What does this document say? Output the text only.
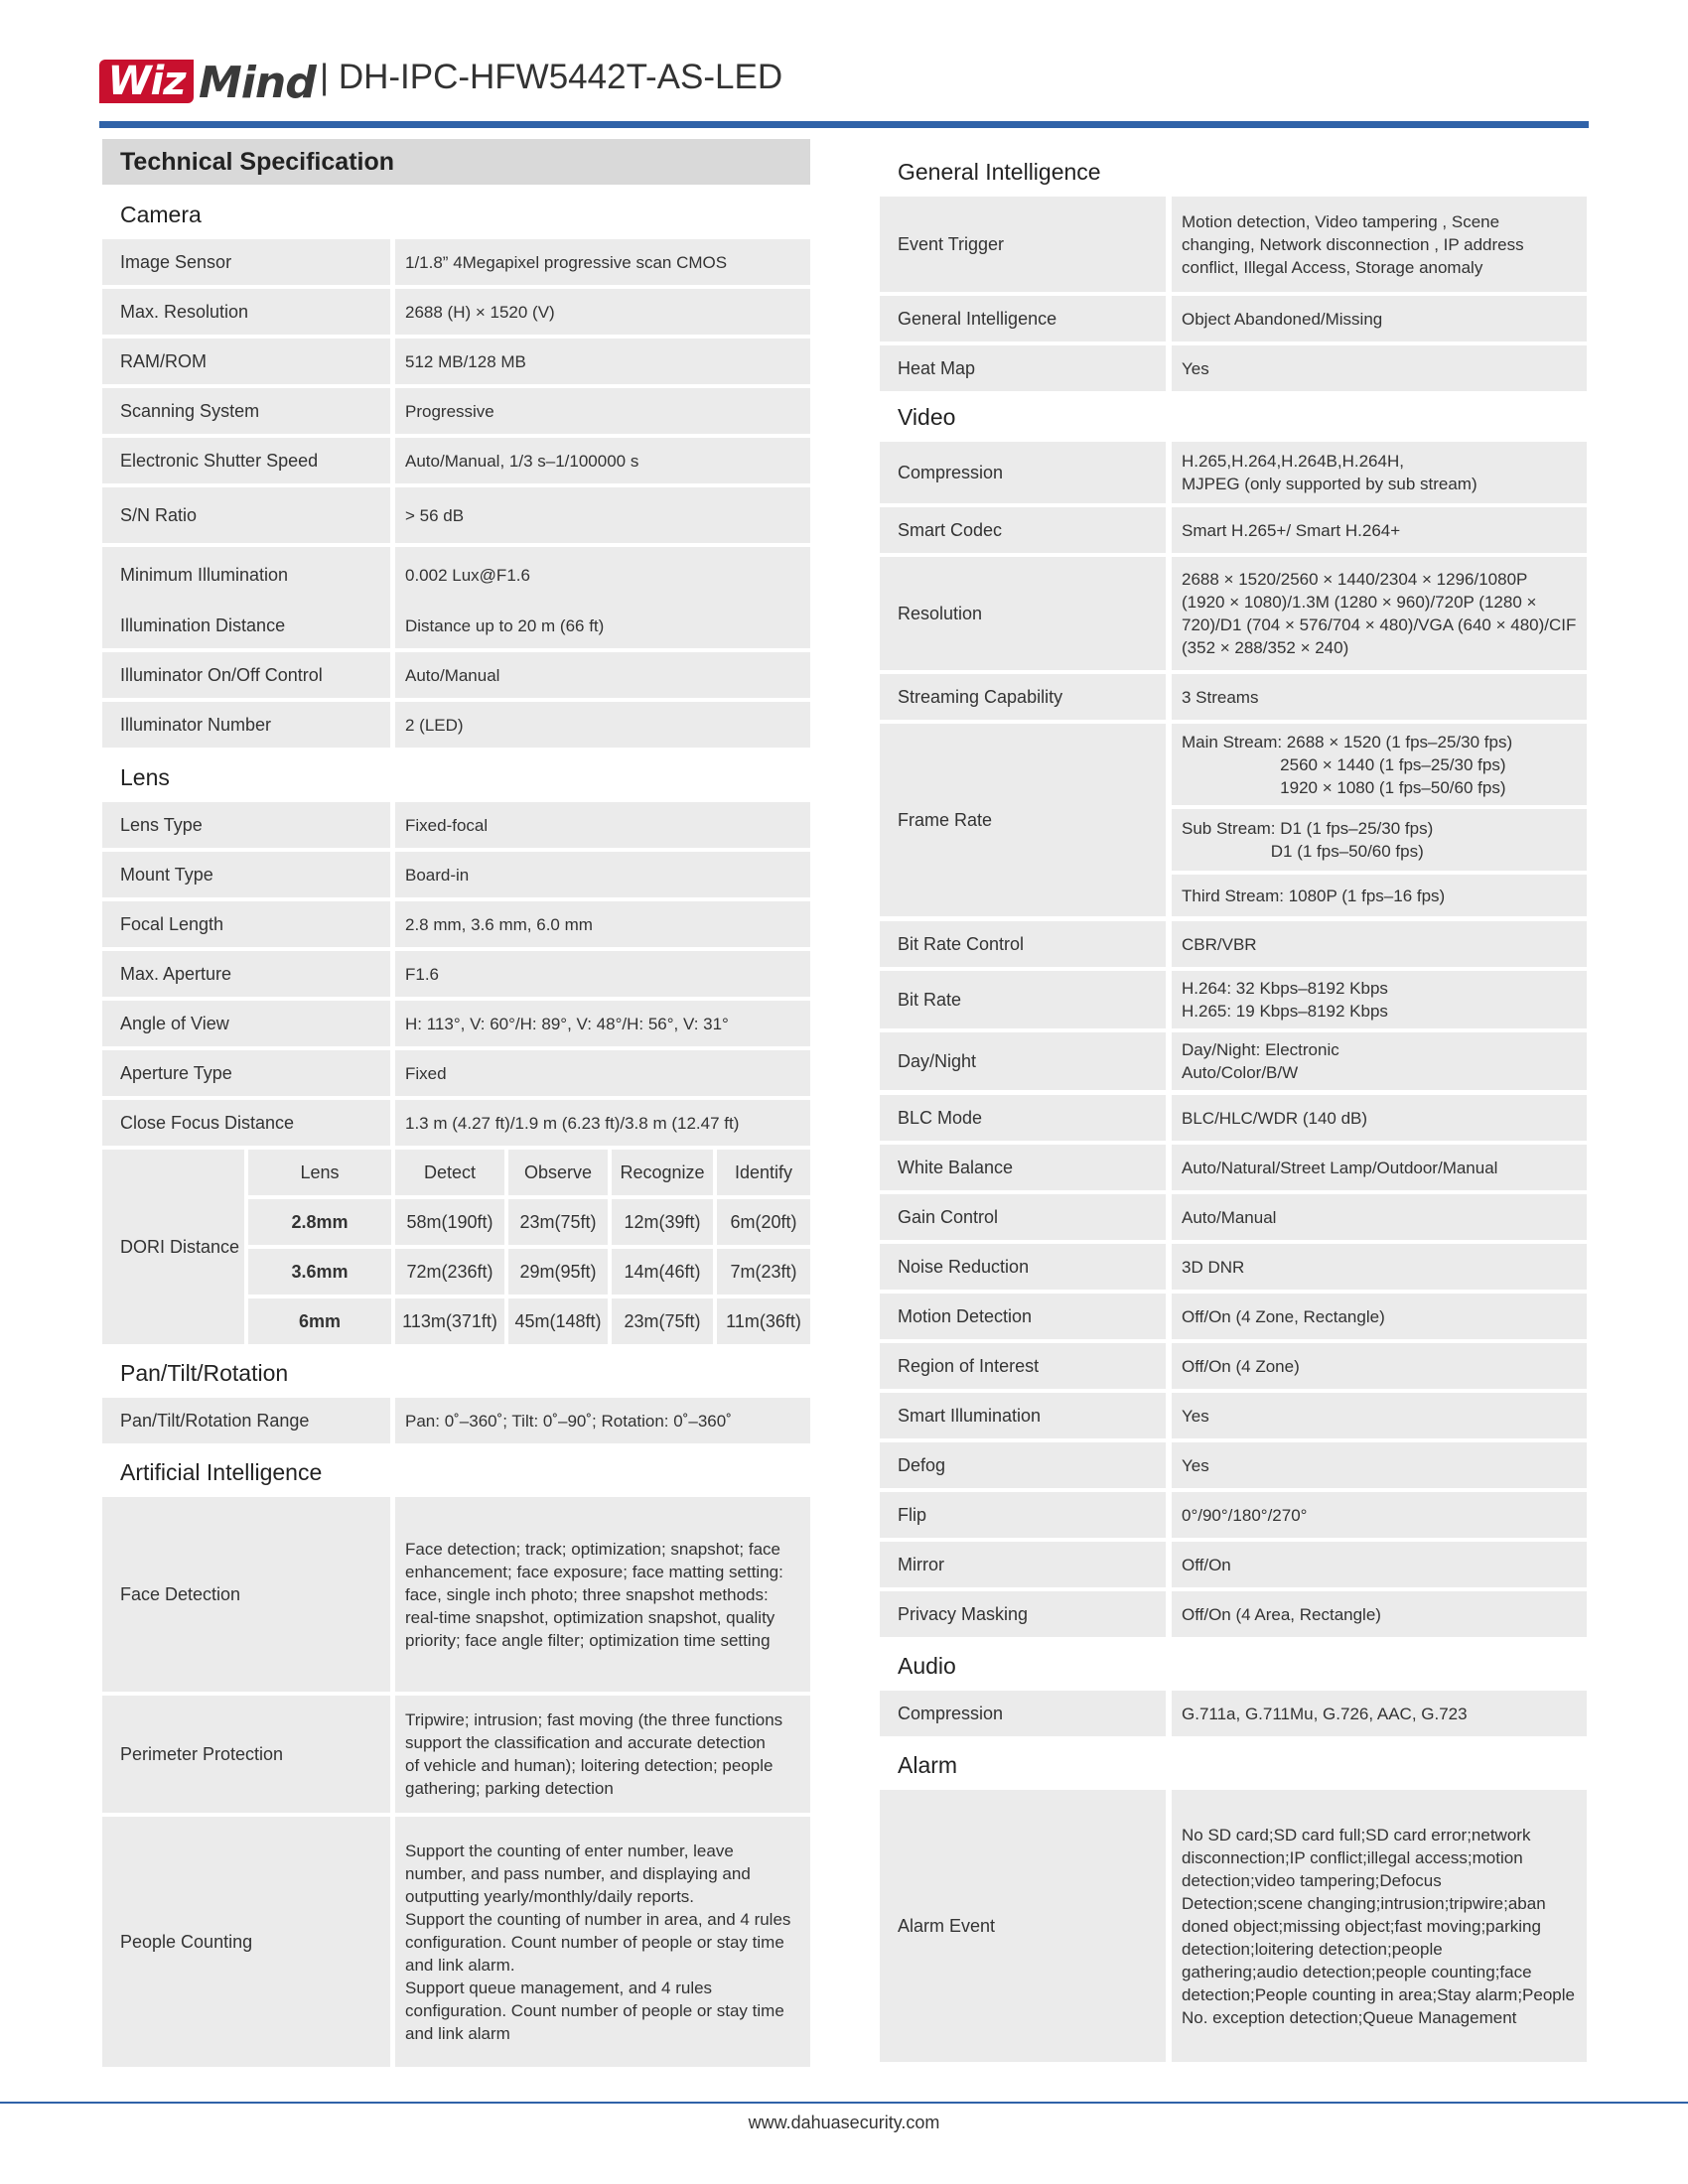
Wiz Mind | DH-IPC-HFW5442T-AS-LED
Technical Specification
Camera
Image Sensor	1/1.8” 4Megapixel progressive scan CMOS
Max. Resolution	2688 (H) × 1520 (V)
RAM/ROM	512 MB/128 MB
Scanning System	Progressive
Electronic Shutter Speed	Auto/Manual, 1/3 s–1/100000 s
S/N Ratio	> 56 dB
Minimum Illumination	0.002 Lux@F1.6
Illumination Distance	Distance up to 20 m (66 ft)
Illuminator On/Off Control	Auto/Manual
Illuminator Number	2 (LED)
Lens
Lens Type	Fixed-focal
Mount Type	Board-in
Focal Length	2.8 mm, 3.6 mm, 6.0 mm
Max. Aperture	F1.6
Angle of View	H: 113°, V: 60°/H: 89°, V: 48°/H: 56°, V: 31°
Aperture Type	Fixed
Close Focus Distance	1.3 m (4.27 ft)/1.9 m (6.23 ft)/3.8 m (12.47 ft)
DORI Distance
Lens	Detect	Observe	Recognize	Identify
2.8mm	58m(190ft)	23m(75ft)	12m(39ft)	6m(20ft)
3.6mm	72m(236ft)	29m(95ft)	14m(46ft)	7m(23ft)
6mm	113m(371ft) 45m(148ft)	23m(75ft)	11m(36ft)
Pan/Tilt/Rotation
Pan/Tilt/Rotation Range	Pan: 0˚–360˚; Tilt: 0˚–90˚; Rotation: 0˚–360˚
Artificial Intelligence
Face Detection
Face detection; track; optimization; snapshot; face
enhancement; face exposure; face matting setting:
face, single inch photo; three snapshot methods:
real-time snapshot, optimization snapshot, quality
priority; face angle filter; optimization time setting
Perimeter Protection
Tripwire; intrusion; fast moving (the three functions
support the classification and accurate detection
of vehicle and human); loitering detection; people
gathering; parking detection
People Counting
Support the counting of enter number, leave
number, and pass number, and displaying and
outputting yearly/monthly/daily reports.
Support the counting of number in area, and 4 rules
configuration. Count number of people or stay time
and link alarm.
Support queue management, and 4 rules
configuration. Count number of people or stay time
and link alarm
General Intelligence
Event Trigger
Motion detection, Video tampering , Scene
changing, Network disconnection , IP address
conflict, Illegal Access, Storage anomaly
General Intelligence	Object Abandoned/Missing
Heat Map	Yes
Video
Compression
H.265,H.264,H.264B,H.264H,
MJPEG (only supported by sub stream)
Smart Codec	Smart H.265+/ Smart H.264+
Resolution
2688 × 1520/2560 × 1440/2304 × 1296/1080P
(1920 × 1080)/1.3M (1280 × 960)/720P (1280 ×
720)/D1 (704 × 576/704 × 480)/VGA (640 × 480)/CIF
(352 × 288/352 × 240)
Streaming Capability	3 Streams
Frame Rate
Main Stream: 2688 × 1520 (1 fps–25/30 fps)
2560 × 1440 (1 fps–25/30 fps)
1920 × 1080 (1 fps–50/60 fps)
Sub Stream: D1 (1 fps–25/30 fps)
D1 (1 fps–50/60 fps)
Third Stream: 1080P (1 fps–16 fps)
Bit Rate Control	CBR/VBR
Bit Rate
H.264: 32 Kbps–8192 Kbps
H.265: 19 Kbps–8192 Kbps
Day/Night
Day/Night: Electronic
Auto/Color/B/W
BLC Mode	BLC/HLC/WDR (140 dB)
White Balance	Auto/Natural/Street Lamp/Outdoor/Manual
Gain Control	Auto/Manual
Noise Reduction	3D DNR
Motion Detection	Off/On (4 Zone, Rectangle)
Region of Interest	Off/On (4 Zone)
Smart Illumination	Yes
Defog	Yes
Flip	0°/90°/180°/270°
Mirror	Off/On
Privacy Masking	Off/On (4 Area, Rectangle)
Audio
Compression	G.711a, G.711Mu, G.726, AAC, G.723
Alarm
Alarm Event
No SD card;SD card full;SD card error;network
disconnection;IP conflict;illegal access;motion
detection;video tampering;Defocus
Detection;scene changing;intrusion;tripwire;aban
doned object;missing object;fast moving;parking
detection;loitering detection;people
gathering;audio detection;people counting;face
detection;People counting in area;Stay alarm;People
No. exception detection;Queue Management
www.dahuasecurity.com
